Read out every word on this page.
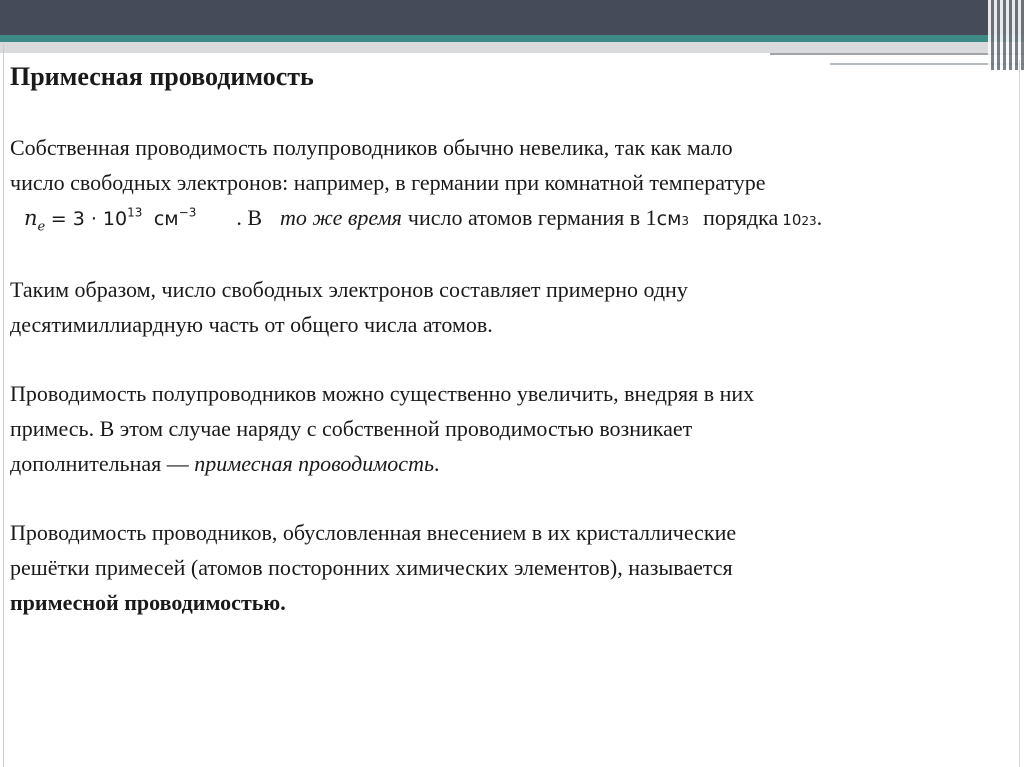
Примесная проводимость

Собственная проводимость полупроводников обычно невелика, так как мало

число свободных электронов: например, в германии при комнатной температуре

$n_e = 3 \cdot 10^{13}$ $см^{-3}$ . В то же время число атомов германия в 1 см 3 порядка 10 23 .

Таким образом, число свободных электронов составляет примерно одну

десятимиллиардную часть от общего числа атомов.

Проводимость полупроводников можно существенно увеличить, внедряя в них

примесь. В этом случае наряду с собственной проводимостью возникает

дополнительная — примесная проводимость.

Проводимость проводников, обусловленная внесением в их кристаллические

решётки примесей (атомов посторонних химических элементов), называется

примесной проводимостью.
